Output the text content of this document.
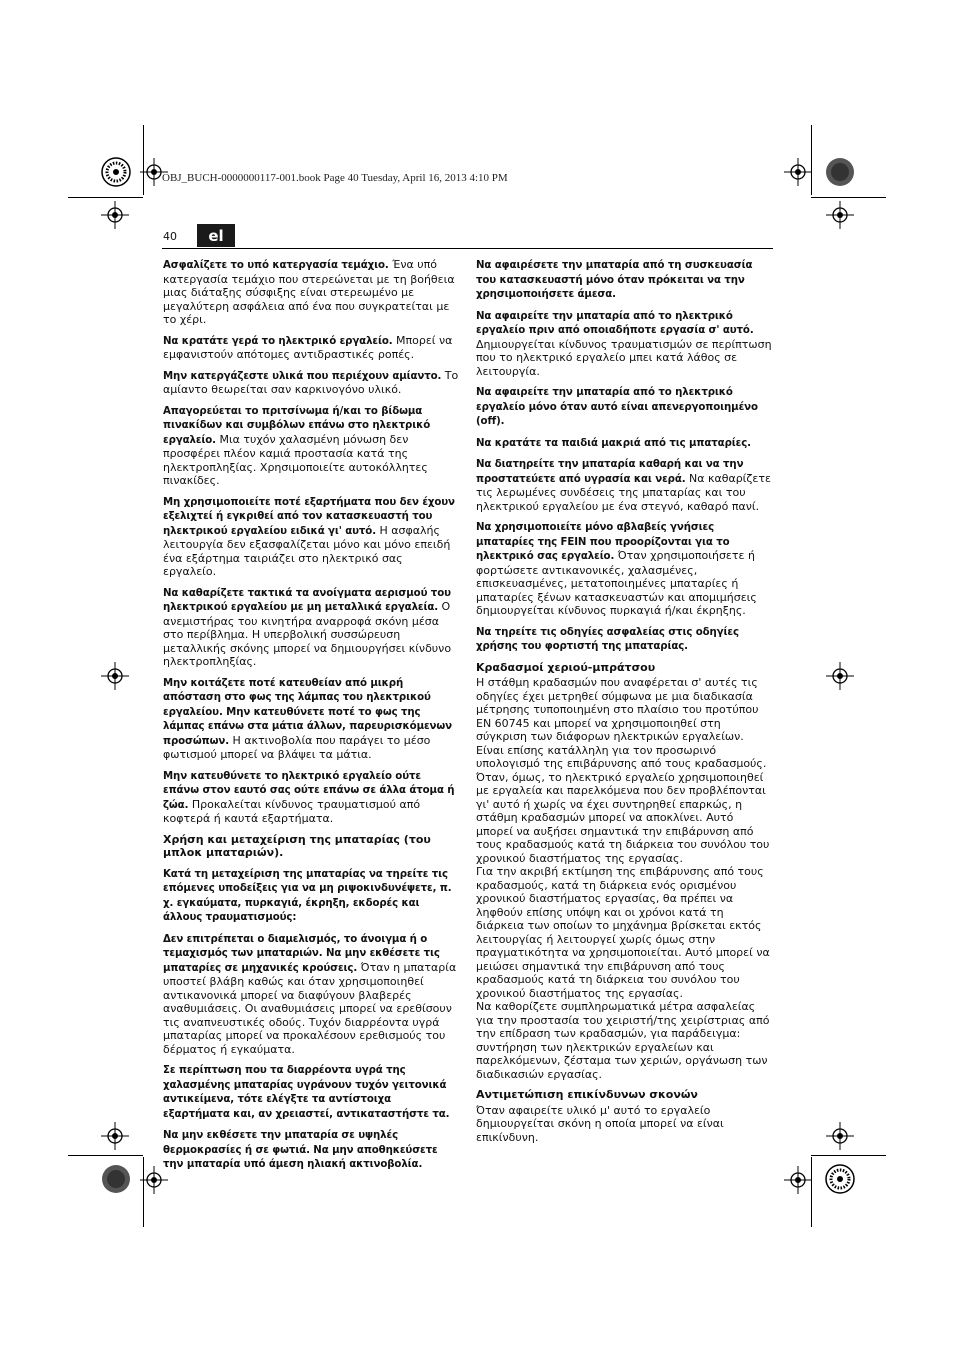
OBJ_BUCH-0000000117-001.book Page 40 Tuesday, April 16, 2013 4:10 PM
40	el

Ασφαλίζετε το υπό κατεργασία τεμάχιο. Ένα υπό κατεργασία τεμάχιο που στερεώνεται με τη βοήθεια μιας διάταξης σύσφιξης είναι στερεωμένο με μεγαλύτερη ασφάλεια από ένα που συγκρατείται με το χέρι.

Να κρατάτε γερά το ηλεκτρικό εργαλείο. Μπορεί να εμφανιστούν απότομες αντιδραστικές ροπές.

Μην κατεργάζεστε υλικά που περιέχουν αμίαντο. Το αμίαντο θεωρείται σαν καρκινογόνο υλικό.

Απαγορεύεται το πριτσίνωμα ή/και το βίδωμα πινακίδων και συμβόλων επάνω στο ηλεκτρικό εργαλείο. Μια τυχόν χαλασμένη μόνωση δεν προσφέρει πλέον καμιά προστασία κατά της ηλεκτροπληξίας. Χρησιμοποιείτε αυτοκόλλητες πινακίδες.

Μη χρησιμοποιείτε ποτέ εξαρτήματα που δεν έχουν εξελιχτεί ή εγκριθεί από τον κατασκευαστή του ηλεκτρικού εργαλείου ειδικά γι' αυτό. Η ασφαλής λειτουργία δεν εξασφαλίζεται μόνο και μόνο επειδή ένα εξάρτημα ταιριάζει στο ηλεκτρικό σας εργαλείο.

Να καθαρίζετε τακτικά τα ανοίγματα αερισμού του ηλεκτρικού εργαλείου με μη μεταλλικά εργαλεία. Ο ανεμιστήρας του κινητήρα αναρροφά σκόνη μέσα στο περίβλημα. Η υπερβολική συσσώρευση μεταλλικής σκόνης μπορεί να δημιουργήσει κίνδυνο ηλεκτροπληξίας.

Μην κοιτάζετε ποτέ κατευθείαν από μικρή απόσταση στο φως της λάμπας του ηλεκτρικού εργαλείου. Μην κατευθύνετε ποτέ το φως της λάμπας επάνω στα μάτια άλλων, παρευρισκόμενων προσώπων. Η ακτινοβολία που παράγει το μέσο φωτισμού μπορεί να βλάψει τα μάτια.

Μην κατευθύνετε το ηλεκτρικό εργαλείο ούτε επάνω στον εαυτό σας ούτε επάνω σε άλλα άτομα ή ζώα. Προκαλείται κίνδυνος τραυματισμού από κοφτερά ή καυτά εξαρτήματα.

Χρήση και μεταχείριση της μπαταρίας (του μπλοκ μπαταριών).

Κατά τη μεταχείριση της μπαταρίας να τηρείτε τις επόμενες υποδείξεις για να μη ριψοκινδυνέψετε, π. χ. εγκαύματα, πυρκαγιά, έκρηξη, εκδορές και άλλους τραυματισμούς:

Δεν επιτρέπεται ο διαμελισμός, το άνοιγμα ή ο τεμαχισμός των μπαταριών. Να μην εκθέσετε τις μπαταρίες σε μηχανικές κρούσεις. Όταν η μπαταρία υποστεί βλάβη καθώς και όταν χρησιμοποιηθεί αντικανονικά μπορεί να διαφύγουν βλαβερές αναθυμιάσεις. Οι αναθυμιάσεις μπορεί να ερεθίσουν τις αναπνευστικές οδούς. Τυχόν διαρρέοντα υγρά μπαταρίας μπορεί να προκαλέσουν ερεθισμούς του δέρματος ή εγκαύματα.

Σε περίπτωση που τα διαρρέοντα υγρά της χαλασμένης μπαταρίας υγράνουν τυχόν γειτονικά αντικείμενα, τότε ελέγξτε τα αντίστοιχα εξαρτήματα και, αν χρειαστεί, αντικαταστήστε τα.

Να μην εκθέσετε την μπαταρία σε υψηλές θερμοκρασίες ή σε φωτιά. Να μην αποθηκεύσετε την μπαταρία υπό άμεση ηλιακή ακτινοβολία.

Να αφαιρέσετε την μπαταρία από τη συσκευασία του κατασκευαστή μόνο όταν πρόκειται να την χρησιμοποιήσετε άμεσα.

Να αφαιρείτε την μπαταρία από το ηλεκτρικό εργαλείο πριν από οποιαδήποτε εργασία σ' αυτό. Δημιουργείται κίνδυνος τραυματισμών σε περίπτωση που το ηλεκτρικό εργαλείο μπει κατά λάθος σε λειτουργία.

Να αφαιρείτε την μπαταρία από το ηλεκτρικό εργαλείο μόνο όταν αυτό είναι απενεργοποιημένο (off).

Να κρατάτε τα παιδιά μακριά από τις μπαταρίες.

Να διατηρείτε την μπαταρία καθαρή και να την προστατεύετε από υγρασία και νερά. Να καθαρίζετε τις λερωμένες συνδέσεις της μπαταρίας και του ηλεκτρικού εργαλείου με ένα στεγνό, καθαρό πανί.

Να χρησιμοποιείτε μόνο αβλαβείς γνήσιες μπαταρίες της FEIN που προορίζονται για το ηλεκτρικό σας εργαλείο. Όταν χρησιμοποιήσετε ή φορτώσετε αντικανονικές, χαλασμένες, επισκευασμένες, μετατοποιημένες μπαταρίες ή μπαταρίες ξένων κατασκευαστών και απομιμήσεις δημιουργείται κίνδυνος πυρκαγιά ή/και έκρηξης.

Να τηρείτε τις οδηγίες ασφαλείας στις οδηγίες χρήσης του φορτιστή της μπαταρίας.

Κραδασμοί χεριού-μπράτσου

Η στάθμη κραδασμών που αναφέρεται σ' αυτές τις οδηγίες έχει μετρηθεί σύμφωνα με μια διαδικασία μέτρησης τυποποιημένη στο πλαίσιο του προτύπου EN 60745 και μπορεί να χρησιμοποιηθεί στη σύγκριση των διάφορων ηλεκτρικών εργαλείων. Είναι επίσης κατάλληλη για τον προσωρινό υπολογισμό της επιβάρυνσης από τους κραδασμούς.

Όταν, όμως, το ηλεκτρικό εργαλείο χρησιμοποιηθεί με εργαλεία και παρελκόμενα που δεν προβλέπονται γι' αυτό ή χωρίς να έχει συντηρηθεί επαρκώς, η στάθμη κραδασμών μπορεί να αποκλίνει. Αυτό μπορεί να αυξήσει σημαντικά την επιβάρυνση από τους κραδασμούς κατά τη διάρκεια του συνόλου του χρονικού διαστήματος της εργασίας.

Για την ακριβή εκτίμηση της επιβάρυνσης από τους κραδασμούς, κατά τη διάρκεια ενός ορισμένου χρονικού διαστήματος εργασίας, θα πρέπει να ληφθούν επίσης υπόψη και οι χρόνοι κατά τη διάρκεια των οποίων το μηχάνημα βρίσκεται εκτός λειτουργίας ή λειτουργεί χωρίς όμως στην πραγματικότητα να χρησιμοποιείται. Αυτό μπορεί να μειώσει σημαντικά την επιβάρυνση από τους κραδασμούς κατά τη διάρκεια του συνόλου του χρονικού διαστήματος της εργασίας.

Να καθορίζετε συμπληρωματικά μέτρα ασφαλείας για την προστασία του χειριστή/της χειρίστριας από την επίδραση των κραδασμών, για παράδειγμα: συντήρηση των ηλεκτρικών εργαλείων και παρελκόμενων, ζέσταμα των χεριών, οργάνωση των διαδικασιών εργασίας.

Αντιμετώπιση επικίνδυνων σκονών

Όταν αφαιρείτε υλικό μ' αυτό το εργαλείο δημιουργείται σκόνη η οποία μπορεί να είναι επικίνδυνη.
